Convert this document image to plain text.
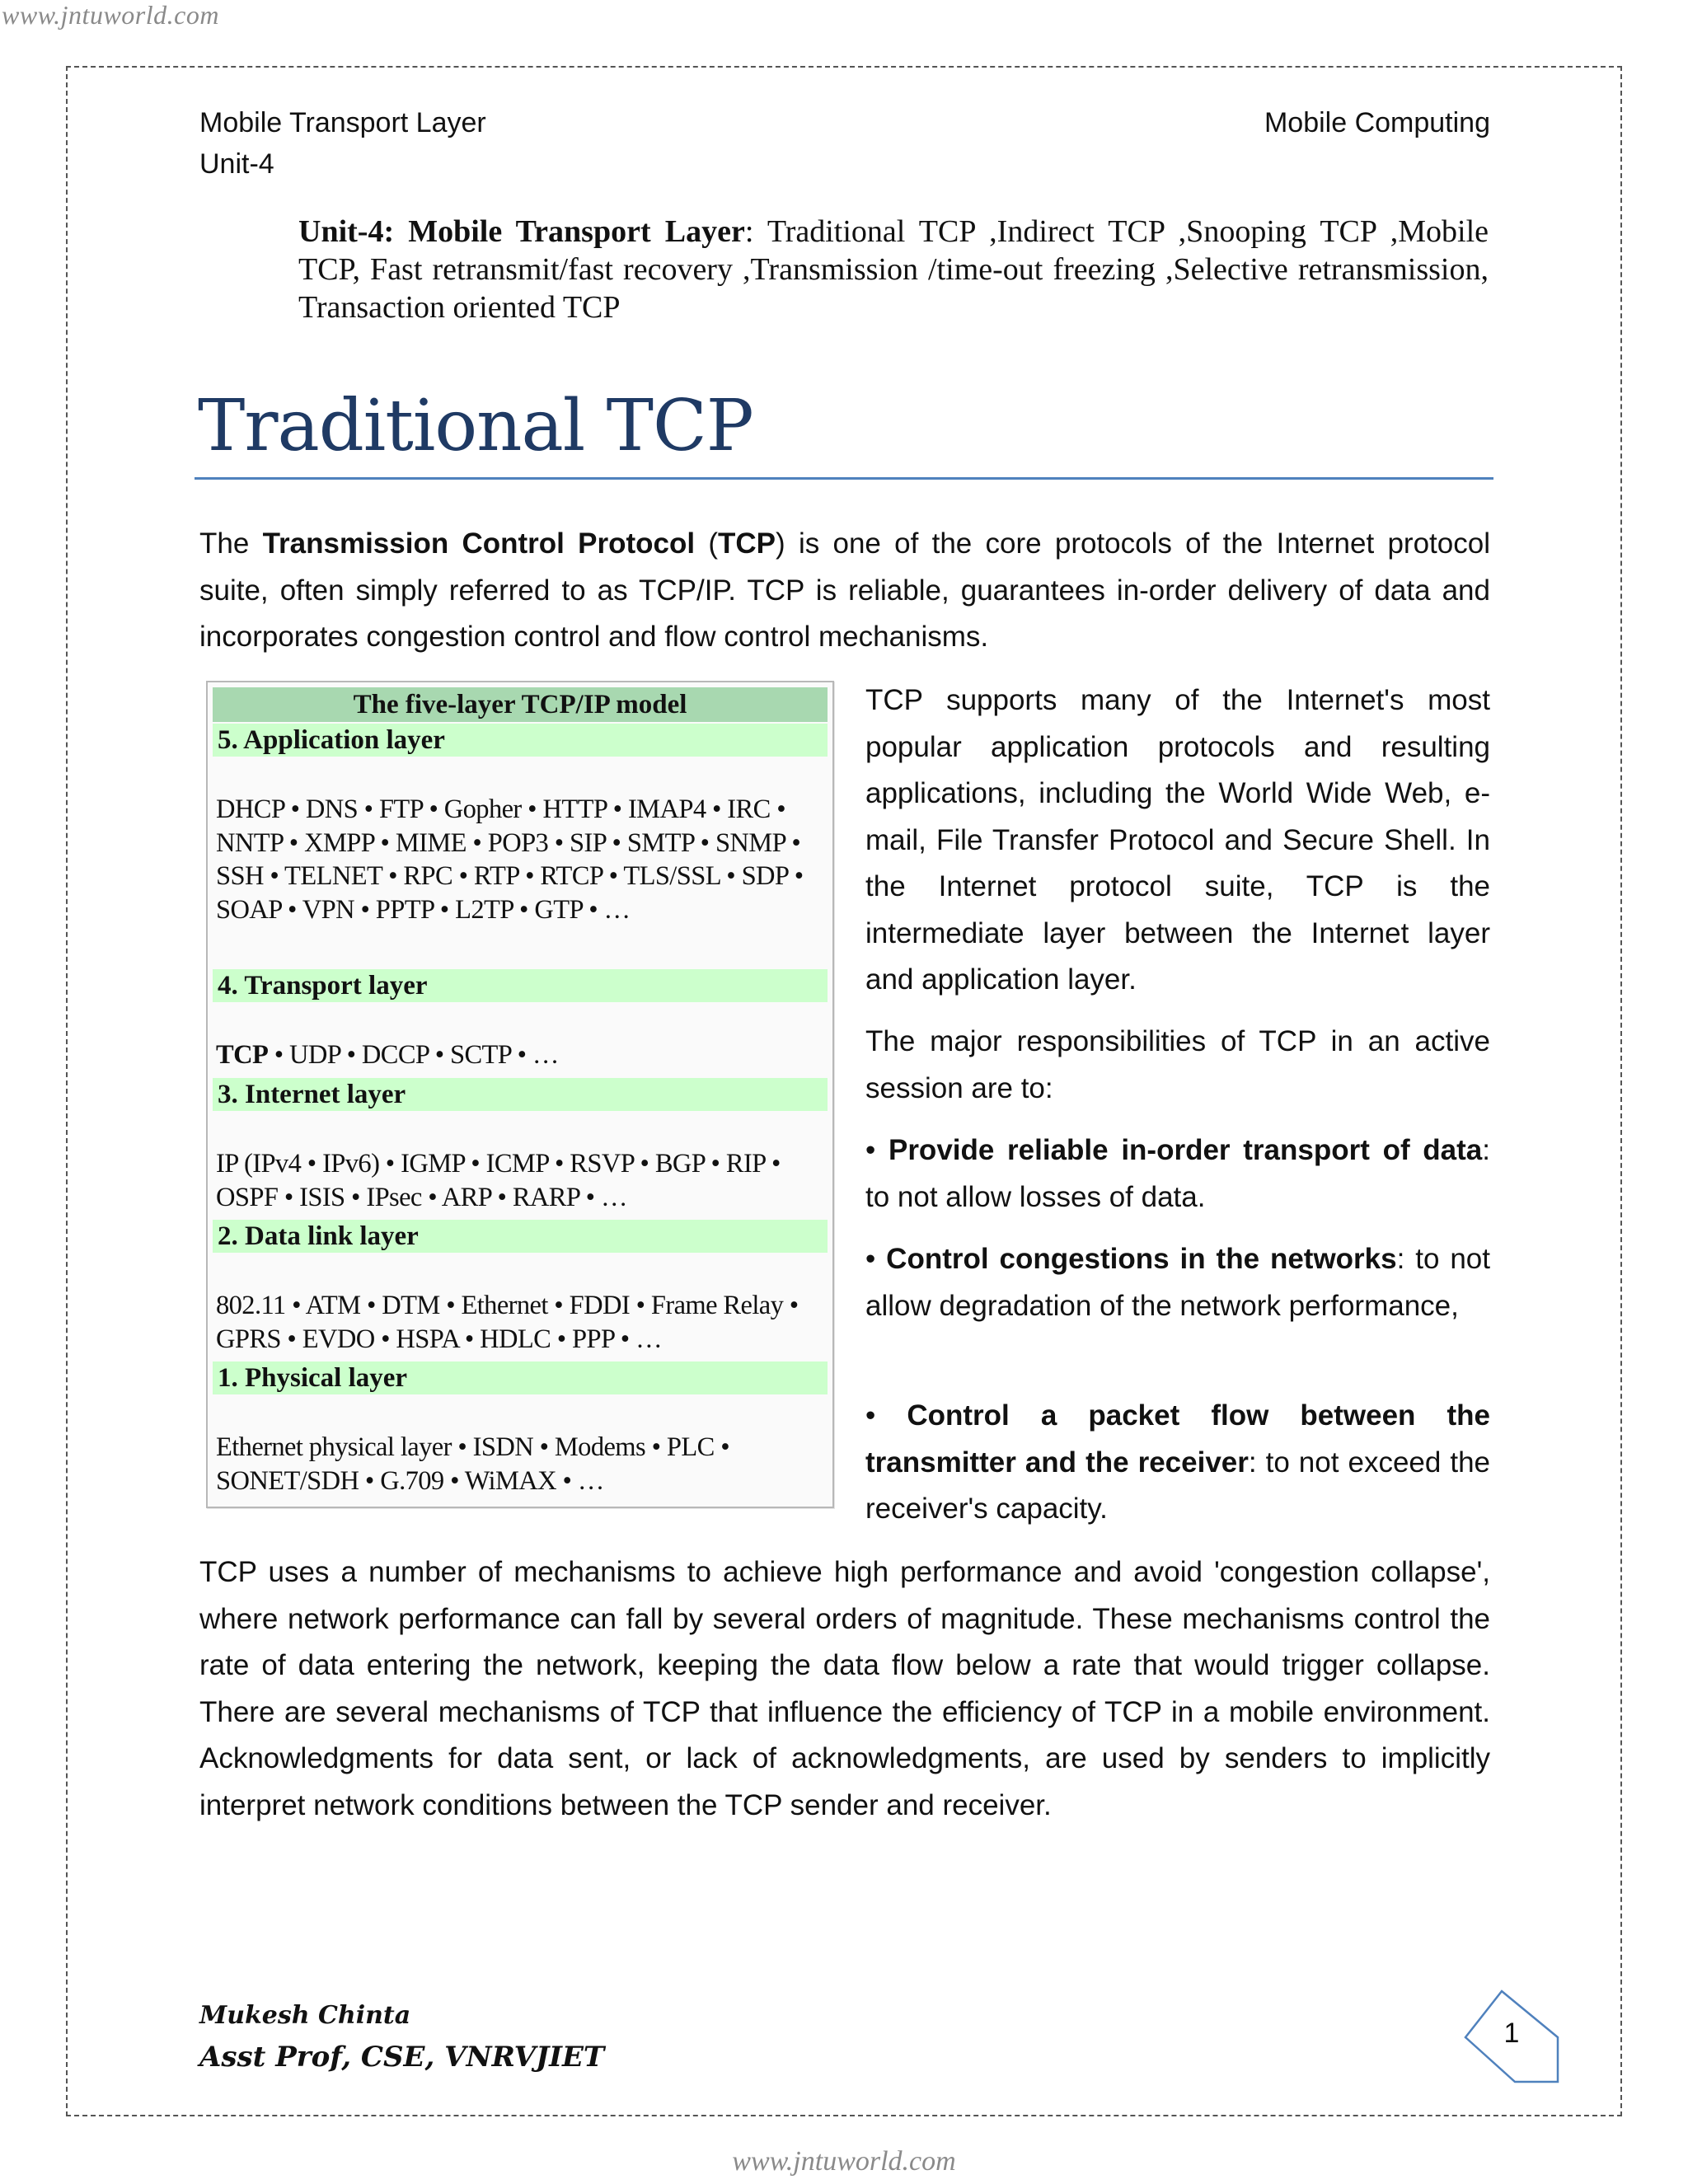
www.jntuworld.com
Mobile Transport Layer
Unit-4
Mobile Computing
Unit-4: Mobile Transport Layer: Traditional TCP ,Indirect TCP ,Snooping TCP ,Mobile TCP, Fast retransmit/fast recovery ,Transmission /time-out freezing ,Selective retransmission, Transaction oriented TCP
Traditional TCP
The Transmission Control Protocol (TCP) is one of the core protocols of the Internet protocol suite, often simply referred to as TCP/IP. TCP is reliable, guarantees in-order delivery of data and incorporates congestion control and flow control mechanisms.
The five-layer TCP/IP model
5. Application layer
DHCP • DNS • FTP • Gopher • HTTP • IMAP4 • IRC • NNTP • XMPP • MIME • POP3 • SIP • SMTP • SNMP • SSH • TELNET • RPC • RTP • RTCP • TLS/SSL • SDP • SOAP • VPN • PPTP • L2TP • GTP • …
4. Transport layer
TCP • UDP • DCCP • SCTP • …
3. Internet layer
IP (IPv4 • IPv6) • IGMP • ICMP • RSVP • BGP • RIP • OSPF • ISIS • IPsec • ARP • RARP • …
2. Data link layer
802.11 • ATM • DTM • Ethernet • FDDI • Frame Relay • GPRS • EVDO • HSPA • HDLC • PPP • …
1. Physical layer
Ethernet physical layer • ISDN • Modems • PLC • SONET/SDH • G.709 • WiMAX • …
TCP supports many of the Internet's most popular application protocols and resulting applications, including the World Wide Web, e-mail, File Transfer Protocol and Secure Shell. In the Internet protocol suite, TCP is the intermediate layer between the Internet layer and application layer.
The major responsibilities of TCP in an active session are to:
• Provide reliable in-order transport of data: to not allow losses of data.
• Control congestions in the networks: to not allow degradation of the network performance,
• Control a packet flow between the transmitter and the receiver: to not exceed the receiver's capacity.
TCP uses a number of mechanisms to achieve high performance and avoid 'congestion collapse', where network performance can fall by several orders of magnitude. These mechanisms control the rate of data entering the network, keeping the data flow below a rate that would trigger collapse. There are several mechanisms of TCP that influence the efficiency of TCP in a mobile environment. Acknowledgments for data sent, or lack of acknowledgments, are used by senders to implicitly interpret network conditions between the TCP sender and receiver.
Mukesh Chinta
Asst Prof, CSE, VNRVJIET
1
www.jntuworld.com
